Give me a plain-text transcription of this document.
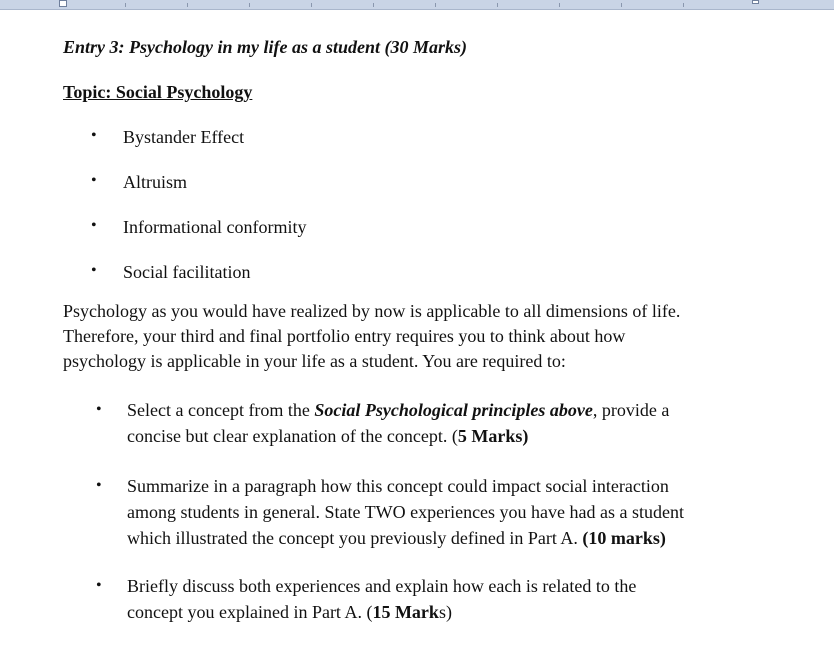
Entry 3: Psychology in my life as a student (30 Marks)
Topic: Social Psychology
• Bystander Effect
• Altruism
• Informational conformity
• Social facilitation
Psychology as you would have realized by now is applicable to all dimensions of life.
Therefore, your third and final portfolio entry requires you to think about how
psychology is applicable in your life as a student. You are required to:
• Select a concept from the Social Psychological principles above, provide a
concise but clear explanation of the concept. (5 Marks)
• Summarize in a paragraph how this concept could impact social interaction
among students in general. State TWO experiences you have had as a student
which illustrated the concept you previously defined in Part A. (10 marks)
• Briefly discuss both experiences and explain how each is related to the
concept you explained in Part A. (15 Marks)
